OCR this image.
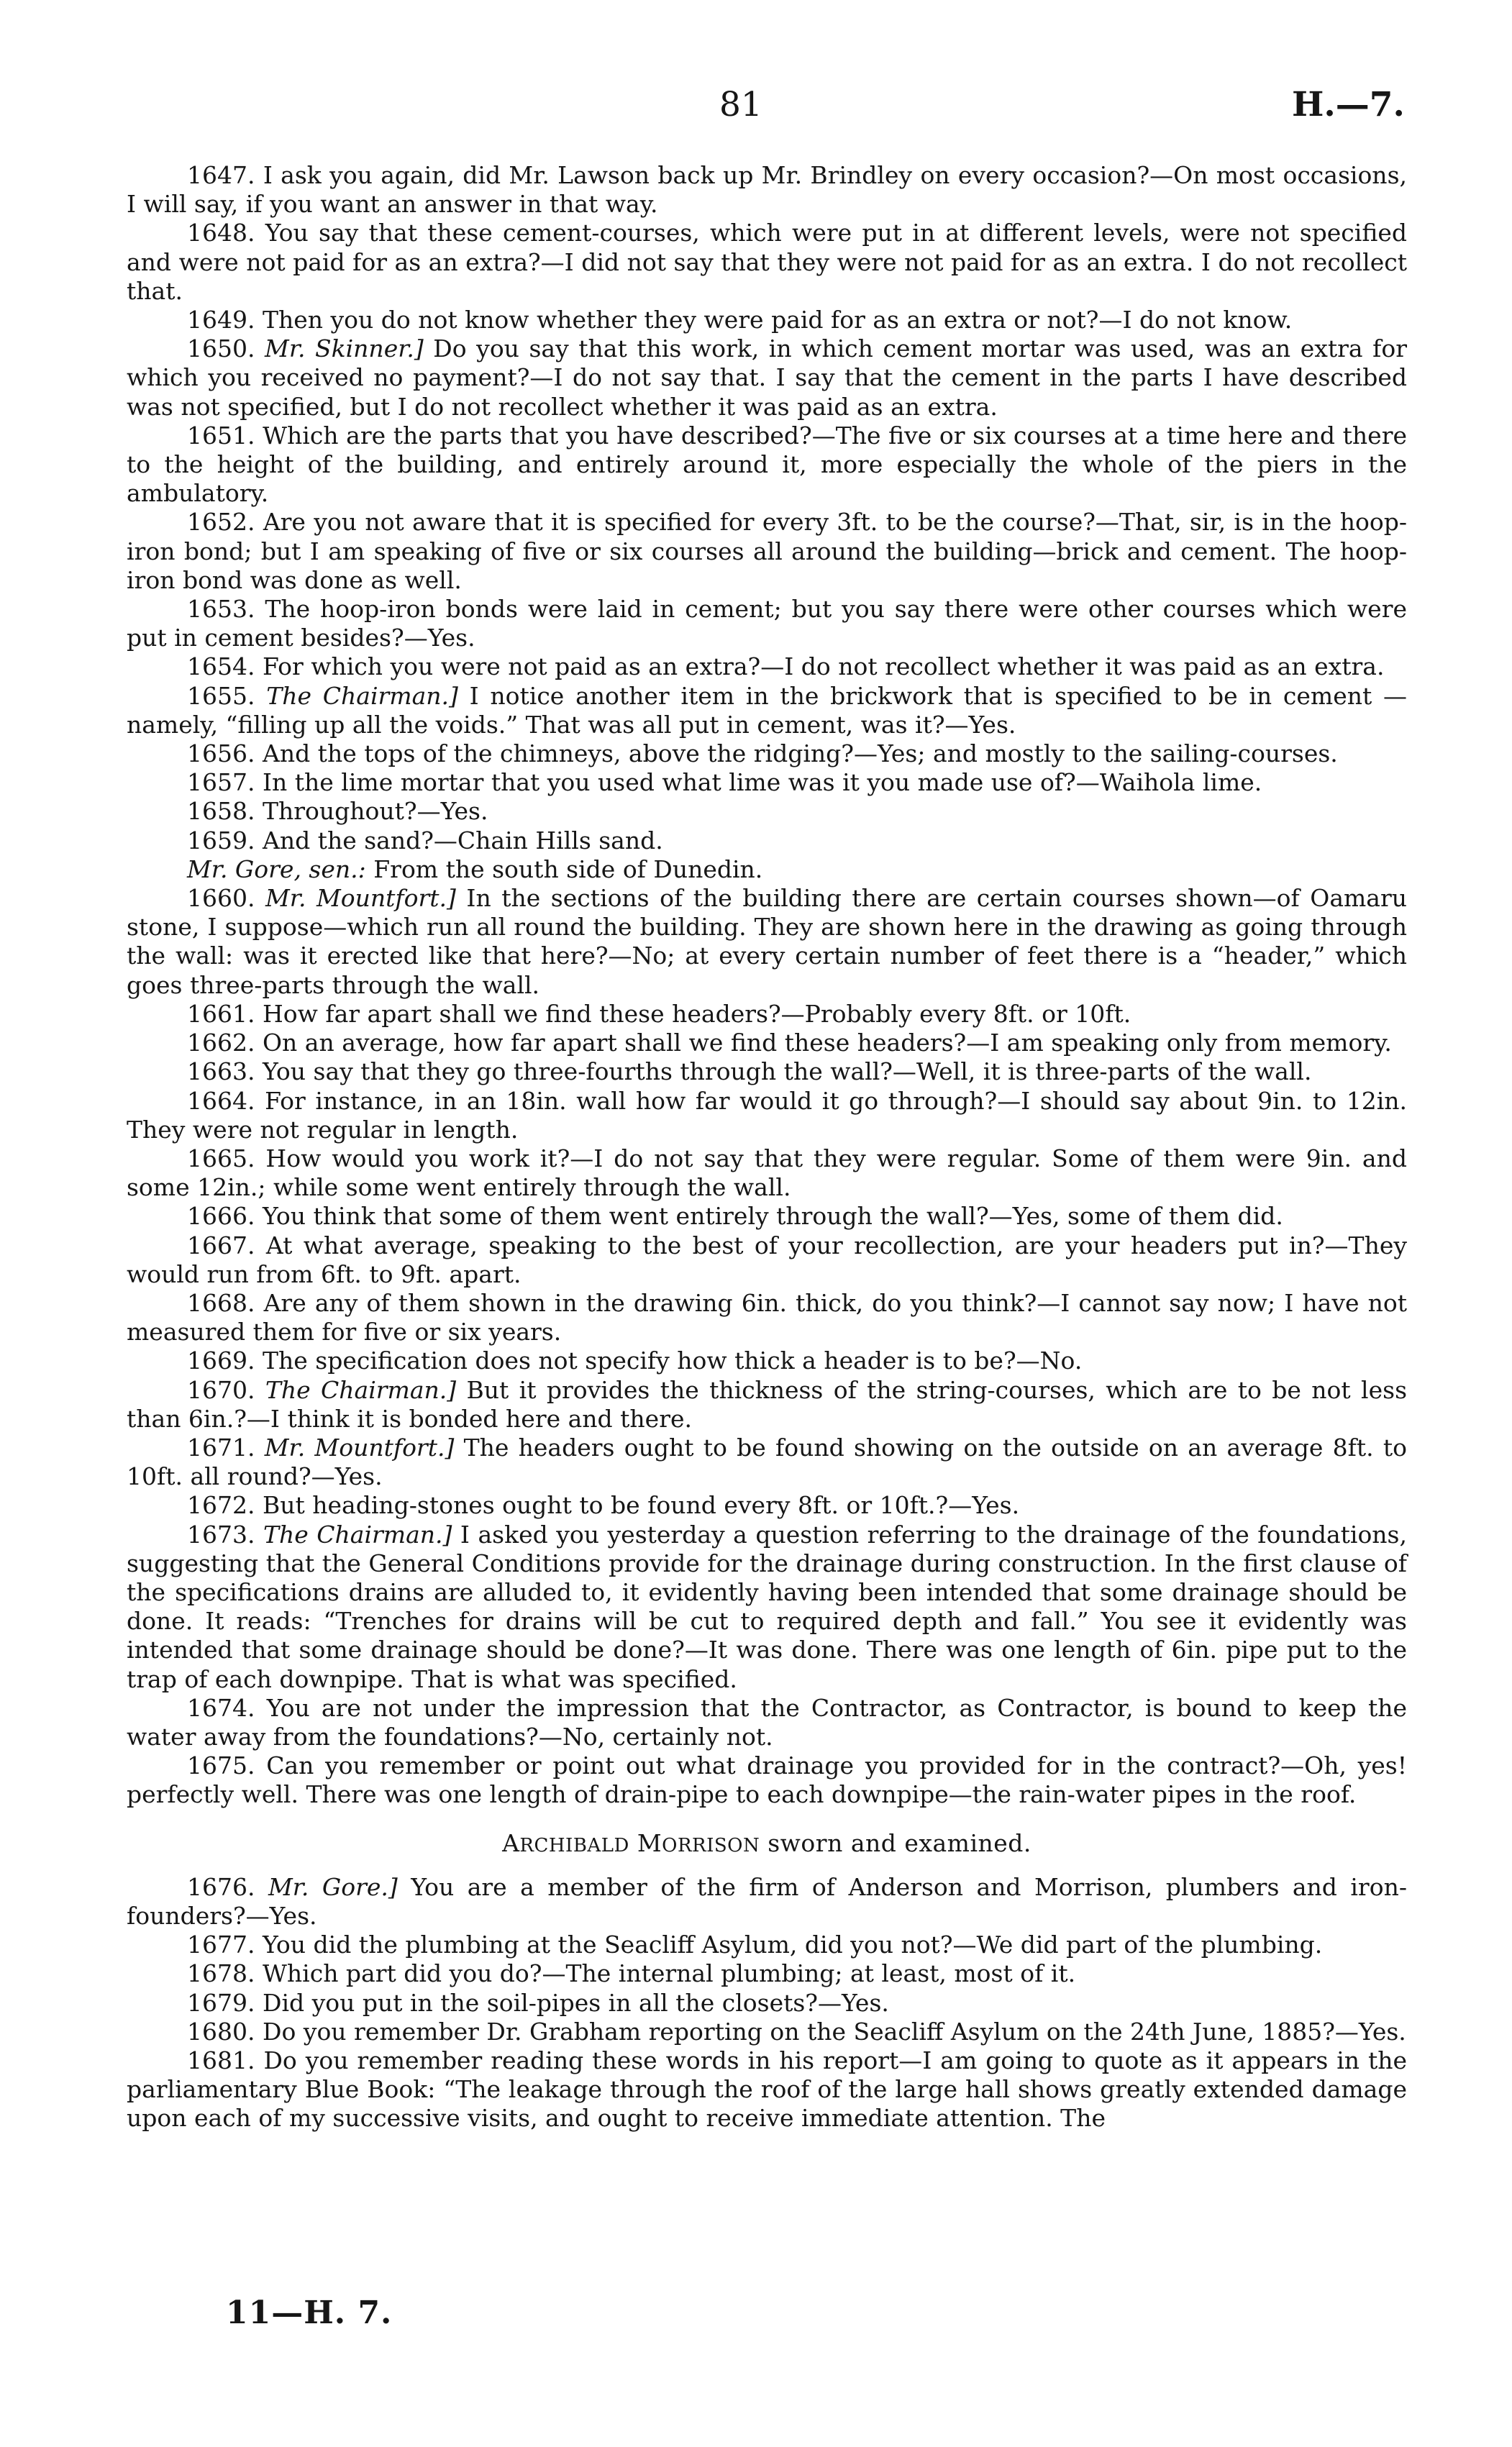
81	H.—7.

1647. I ask you again, did Mr. Lawson back up Mr. Brindley on every occasion?—On most occasions, I will say, if you want an answer in that way.

1648. You say that these cement-courses, which were put in at different levels, were not specified and were not paid for as an extra?—I did not say that they were not paid for as an extra. I do not recollect that.

1649. Then you do not know whether they were paid for as an extra or not?—I do not know.

1650. Mr. Skinner.] Do you say that this work, in which cement mortar was used, was an extra for which you received no payment?—I do not say that. I say that the cement in the parts I have described was not specified, but I do not recollect whether it was paid as an extra.

1651. Which are the parts that you have described?—The five or six courses at a time here and there to the height of the building, and entirely around it, more especially the whole of the piers in the ambulatory.

1652. Are you not aware that it is specified for every 3ft. to be the course?—That, sir, is in the hoop-iron bond; but I am speaking of five or six courses all around the building—brick and cement. The hoop-iron bond was done as well.

1653. The hoop-iron bonds were laid in cement; but you say there were other courses which were put in cement besides?—Yes.

1654. For which you were not paid as an extra?—I do not recollect whether it was paid as an extra.

1655. The Chairman.] I notice another item in the brickwork that is specified to be in cement —namely, “filling up all the voids.” That was all put in cement, was it?—Yes.

1656. And the tops of the chimneys, above the ridging?—Yes; and mostly to the sailing-courses.

1657. In the lime mortar that you used what lime was it you made use of?—Waihola lime.

1658. Throughout?—Yes.

1659. And the sand?—Chain Hills sand.

Mr. Gore, sen.: From the south side of Dunedin.

1660. Mr. Mountfort.] In the sections of the building there are certain courses shown—of Oamaru stone, I suppose—which run all round the building. They are shown here in the drawing as going through the wall: was it erected like that here?—No; at every certain number of feet there is a “header,” which goes three-parts through the wall.

1661. How far apart shall we find these headers?—Probably every 8ft. or 10ft.

1662. On an average, how far apart shall we find these headers?—I am speaking only from memory.

1663. You say that they go three-fourths through the wall?—Well, it is three-parts of the wall.

1664. For instance, in an 18in. wall how far would it go through?—I should say about 9in. to 12in. They were not regular in length.

1665. How would you work it?—I do not say that they were regular. Some of them were 9in. and some 12in.; while some went entirely through the wall.

1666. You think that some of them went entirely through the wall?—Yes, some of them did.

1667. At what average, speaking to the best of your recollection, are your headers put in?—They would run from 6ft. to 9ft. apart.

1668. Are any of them shown in the drawing 6in. thick, do you think?—I cannot say now; I have not measured them for five or six years.

1669. The specification does not specify how thick a header is to be?—No.

1670. The Chairman.] But it provides the thickness of the string-courses, which are to be not less than 6in.?—I think it is bonded here and there.

1671. Mr. Mountfort.] The headers ought to be found showing on the outside on an average 8ft. to 10ft. all round?—Yes.

1672. But heading-stones ought to be found every 8ft. or 10ft.?—Yes.

1673. The Chairman.] I asked you yesterday a question referring to the drainage of the foundations, suggesting that the General Conditions provide for the drainage during construction. In the first clause of the specifications drains are alluded to, it evidently having been intended that some drainage should be done. It reads: “Trenches for drains will be cut to required depth and fall.” You see it evidently was intended that some drainage should be done?—It was done. There was one length of 6in. pipe put to the trap of each downpipe. That is what was specified.

1674. You are not under the impression that the Contractor, as Contractor, is bound to keep the water away from the foundations?—No, certainly not.

1675. Can you remember or point out what drainage you provided for in the contract?—Oh, yes! perfectly well. There was one length of drain-pipe to each downpipe—the rain-water pipes in the roof.

ARCHIBALD MORRISON sworn and examined.

1676. Mr. Gore.] You are a member of the firm of Anderson and Morrison, plumbers and iron-founders?—Yes.

1677. You did the plumbing at the Seacliff Asylum, did you not?—We did part of the plumbing.

1678. Which part did you do?—The internal plumbing; at least, most of it.

1679. Did you put in the soil-pipes in all the closets?—Yes.

1680. Do you remember Dr. Grabham reporting on the Seacliff Asylum on the 24th June, 1885?—Yes.

1681. Do you remember reading these words in his report—I am going to quote as it appears in the parliamentary Blue Book: “The leakage through the roof of the large hall shows greatly extended damage upon each of my successive visits, and ought to receive immediate attention. The

11—H. 7.
